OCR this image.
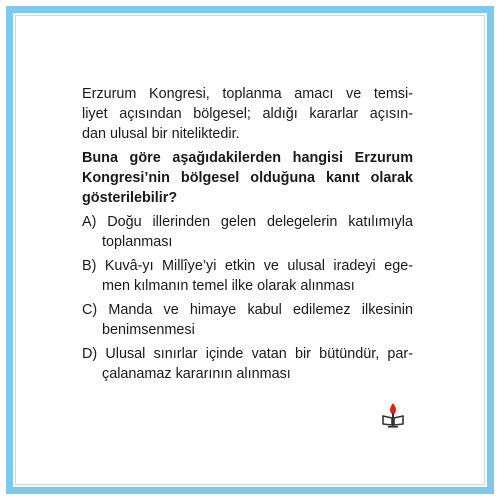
Erzurum Kongresi, toplanma amacı ve temsi-
liyet açısından bölgesel; aldığı kararlar açısın-
dan ulusal bir niteliktedir.
Buna göre aşağıdakilerden hangisi Erzurum
Kongresi’nin bölgesel olduğuna kanıt olarak
gösterilebilir?
A) Doğu illerinden gelen delegelerin katılımıyla
toplanması
B) Kuvâ-yı Millîye’yi etkin ve ulusal iradeyi ege-
men kılmanın temel ilke olarak alınması
C) Manda ve himaye kabul edilemez ilkesinin
benimsenmesi
D) Ulusal sınırlar içinde vatan bir bütündür, par-
çalanamaz kararının alınması
